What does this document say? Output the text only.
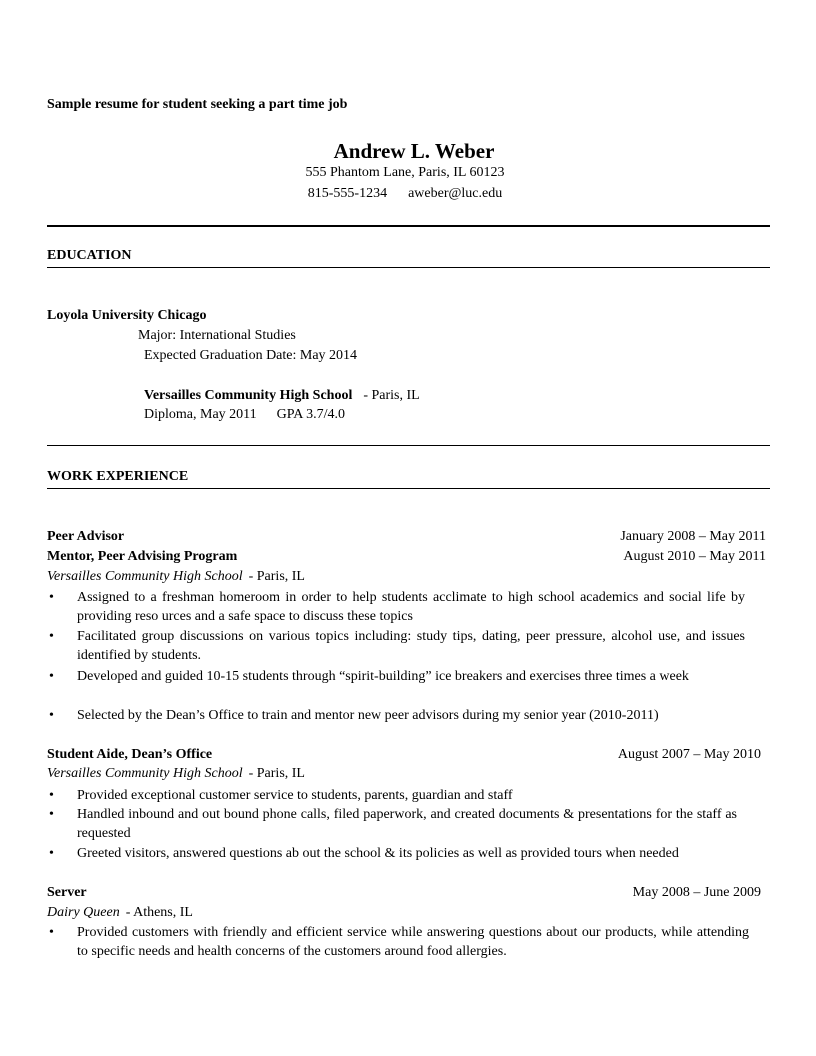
Sample resume for student seeking a part time job
Andrew L. Weber
555 Phantom Lane, Paris, IL 60123
815-555-1234 aweber@luc.edu
EDUCATION
Loyola University Chicago
Major: International Studies
Expected Graduation Date: May 2014
Versailles Community High School - Paris, IL
Diploma, May 2011 GPA 3.7/4.0
WORK EXPERIENCE
Peer Advisor	January 2008 – May 2011
Mentor, Peer Advising Program	August 2010 – May 2011
Versailles Community High School - Paris, IL
• Assigned to a freshman homeroom in order to help students acclimate to high school academics and social life by providing reso urces and a safe space to discuss these topics
• Facilitated group discussions on various topics including: study tips, dating, peer pressure, alcohol use, and issues identified by students.
• Developed and guided 10-15 students through “spirit-building” ice breakers and exercises three times a week
• Selected by the Dean’s Office to train and mentor new peer advisors during my senior year (2010-2011)
Student Aide, Dean’s Office	August 2007 – May 2010
Versailles Community High School - Paris, IL
• Provided exceptional customer service to students, parents, guardian and staff
• Handled inbound and out bound phone calls, filed paperwork, and created documents & presentations for the staff as requested
• Greeted visitors, answered questions ab out the school & its policies as well as provided tours when needed
Server	May 2008 – June 2009
Dairy Queen - Athens, IL
• Provided customers with friendly and efficient service while answering questions about our products, while attending to specific needs and health concerns of the customers around food allergies.
